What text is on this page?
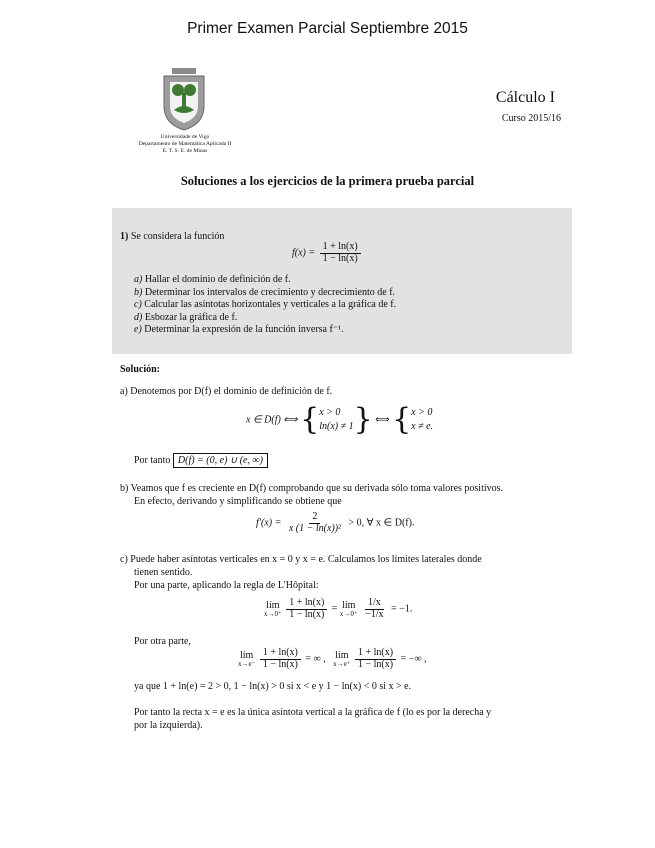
Primer Examen Parcial Septiembre 2015
Universidade de Vigo
Departamento de Matemática Aplicada II
E. T. S. E. de Minas
Cálculo I
Curso 2015/16
Soluciones a los ejercicios de la primera prueba parcial
1) Se considera la función
$f(x) = \frac{1 + \ln(x)}{1 - \ln(x)}$
a) Hallar el dominio de definición de f.
b) Determinar los intervalos de crecimiento y decrecimiento de f.
c) Calcular las asíntotas horizontales y verticales a la gráfica de f.
d) Esbozar la gráfica de f.
e) Determinar la expresión de la función inversa f⁻¹.
Solución:
a) Denotemos por D(f) el dominio de definición de f.
x ∈ D(f) ⟺ { x > 0
ln(x) ≠ 1 } ⟺ { x > 0
x ≠ e.
Por tanto D(f) = (0, e) ∪ (e, ∞)
b) Veamos que f es creciente en D(f) comprobando que su derivada sólo toma valores positivos.
En efecto, derivando y simplificando se obtiene que
$f'(x) = \frac{2}{\text{x (1 − ln(x))²}} > 0$, ∀ x ∈ D(f).
c) Puede haber asíntotas verticales en x = 0 y x = e. Calculamos los límites laterales donde
tienen sentido.
Por una parte, aplicando la regla de L'Hôpital:
lím
x→0⁺
$\frac{1 + \ln(x)}{1 - \ln(x)}$ = lím
x→0⁺
$\frac{1/x}{-1/x} = -1$.
Por otra parte,
lím
x→e⁻
$\frac{1 + \ln(x)}{1 - \ln(x)}$ = ∞ , lím
x→e⁺
$\frac{1 + \ln(x)}{1 - \ln(x)}$ = −∞ ,
ya que 1 + ln(e) = 2 > 0, 1 − ln(x) > 0 si x < e y 1 − ln(x) < 0 si x > e.
Por tanto la recta x = e es la única asíntota vertical a la gráfica de f (lo es por la derecha y
por la izquierda).
